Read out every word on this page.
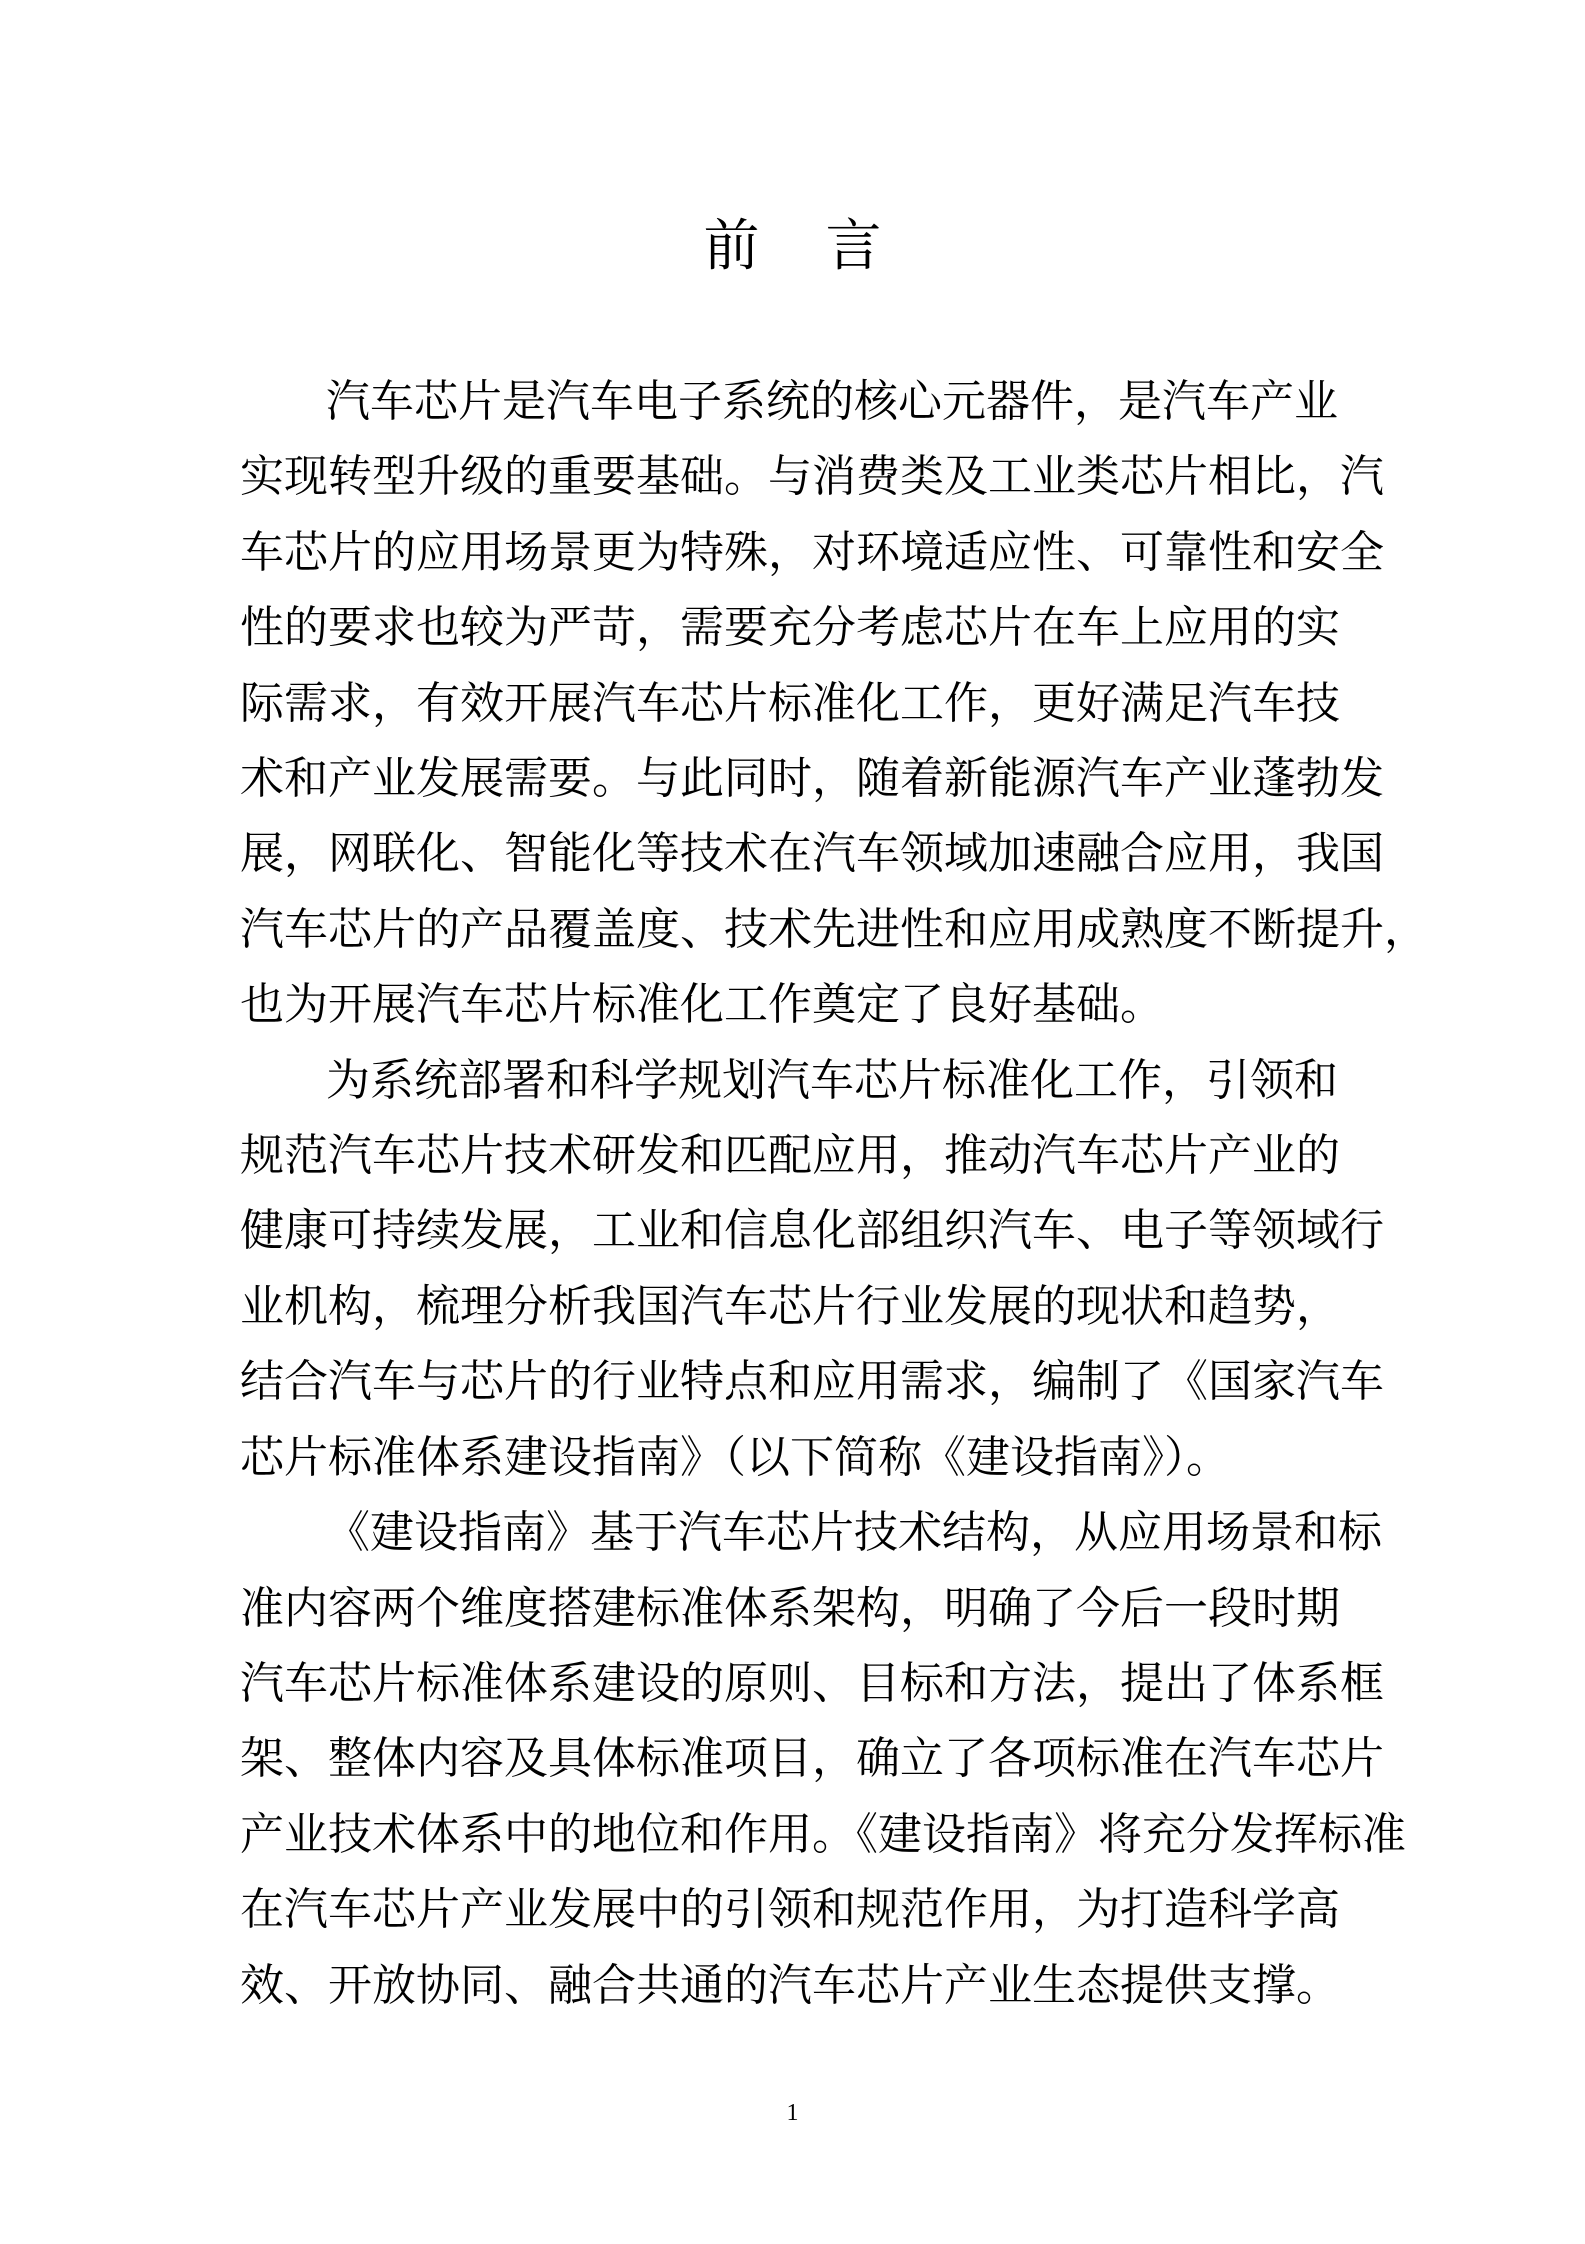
前言

汽车芯片是汽车电子系统的核心元器件，是汽车产业
实现转型升级的重要基础。与消费类及工业类芯片相比，汽
车芯片的应用场景更为特殊，对环境适应性、可靠性和安全
性的要求也较为严苛，需要充分考虑芯片在车上应用的实
际需求，有效开展汽车芯片标准化工作，更好满足汽车技
术和产业发展需要。与此同时，随着新能源汽车产业蓬勃发
展，网联化、智能化等技术在汽车领域加速融合应用，我国
汽车芯片的产品覆盖度、技术先进性和应用成熟度不断提升，
也为开展汽车芯片标准化工作奠定了良好基础。

为系统部署和科学规划汽车芯片标准化工作，引领和
规范汽车芯片技术研发和匹配应用，推动汽车芯片产业的
健康可持续发展，工业和信息化部组织汽车、电子等领域行
业机构，梳理分析我国汽车芯片行业发展的现状和趋势，
结合汽车与芯片的行业特点和应用需求，编制了《国家汽车
芯片标准体系建设指南》（以下简称《建设指南》）。

《建设指南》基于汽车芯片技术结构，从应用场景和标
准内容两个维度搭建标准体系架构，明确了今后一段时期
汽车芯片标准体系建设的原则、目标和方法，提出了体系框
架、整体内容及具体标准项目，确立了各项标准在汽车芯片
产业技术体系中的地位和作用。《建设指南》将充分发挥标准
在汽车芯片产业发展中的引领和规范作用，为打造科学高
效、开放协同、融合共通的汽车芯片产业生态提供支撑。

1
